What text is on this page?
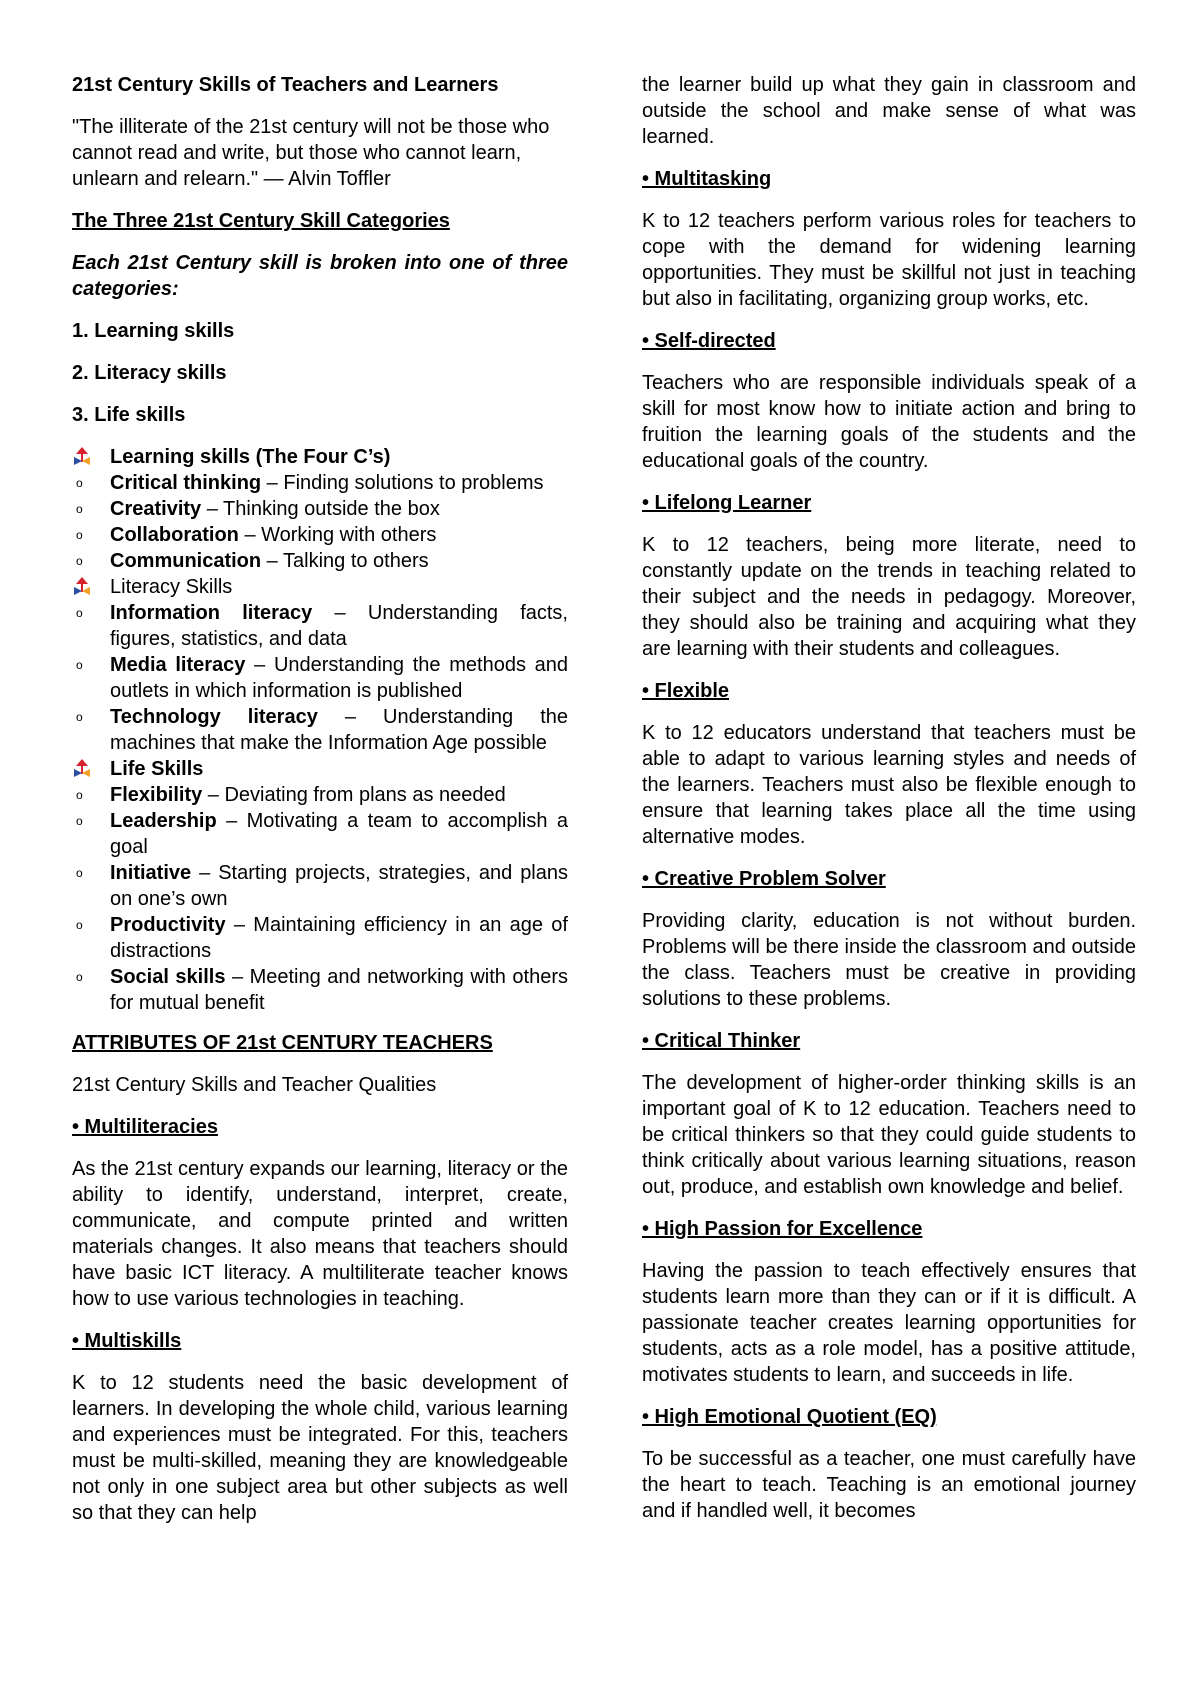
21st Century Skills of Teachers and Learners

"The illiterate of the 21st century will not be those who cannot read and write, but those who cannot learn, unlearn and relearn." — Alvin Toffler

The Three 21st Century Skill Categories

Each 21st Century skill is broken into one of three categories:

1. Learning skills

2. Literacy skills

3. Life skills

Learning skills (The Four C’s)
o Critical thinking – Finding solutions to problems
o Creativity – Thinking outside the box
o Collaboration – Working with others
o Communication – Talking to others
Literacy Skills
o Information literacy – Understanding facts, figures, statistics, and data
o Media literacy – Understanding the methods and outlets in which information is published
o Technology literacy – Understanding the machines that make the Information Age possible
Life Skills
o Flexibility – Deviating from plans as needed
o Leadership – Motivating a team to accomplish a goal
o Initiative – Starting projects, strategies, and plans on one’s own
o Productivity – Maintaining efficiency in an age of distractions
o Social skills – Meeting and networking with others for mutual benefit

ATTRIBUTES OF 21st CENTURY TEACHERS

21st Century Skills and Teacher Qualities

• Multiliteracies

As the 21st century expands our learning, literacy or the ability to identify, understand, interpret, create, communicate, and compute printed and written materials changes. It also means that teachers should have basic ICT literacy. A multiliterate teacher knows how to use various technologies in teaching.

• Multiskills

K to 12 students need the basic development of learners. In developing the whole child, various learning and experiences must be integrated. For this, teachers must be multi-skilled, meaning they are knowledgeable not only in one subject area but other subjects as well so that they can help

the learner build up what they gain in classroom and outside the school and make sense of what was learned.

• Multitasking

K to 12 teachers perform various roles for teachers to cope with the demand for widening learning opportunities. They must be skillful not just in teaching but also in facilitating, organizing group works, etc.

• Self-directed

Teachers who are responsible individuals speak of a skill for most know how to initiate action and bring to fruition the learning goals of the students and the educational goals of the country.

• Lifelong Learner

K to 12 teachers, being more literate, need to constantly update on the trends in teaching related to their subject and the needs in pedagogy. Moreover, they should also be training and acquiring what they are learning with their students and colleagues.

• Flexible

K to 12 educators understand that teachers must be able to adapt to various learning styles and needs of the learners. Teachers must also be flexible enough to ensure that learning takes place all the time using alternative modes.

• Creative Problem Solver

Providing clarity, education is not without burden. Problems will be there inside the classroom and outside the class. Teachers must be creative in providing solutions to these problems.

• Critical Thinker

The development of higher-order thinking skills is an important goal of K to 12 education. Teachers need to be critical thinkers so that they could guide students to think critically about various learning situations, reason out, produce, and establish own knowledge and belief.

• High Passion for Excellence

Having the passion to teach effectively ensures that students learn more than they can or if it is difficult. A passionate teacher creates learning opportunities for students, acts as a role model, has a positive attitude, motivates students to learn, and succeeds in life.

• High Emotional Quotient (EQ)

To be successful as a teacher, one must carefully have the heart to teach. Teaching is an emotional journey and if handled well, it becomes
